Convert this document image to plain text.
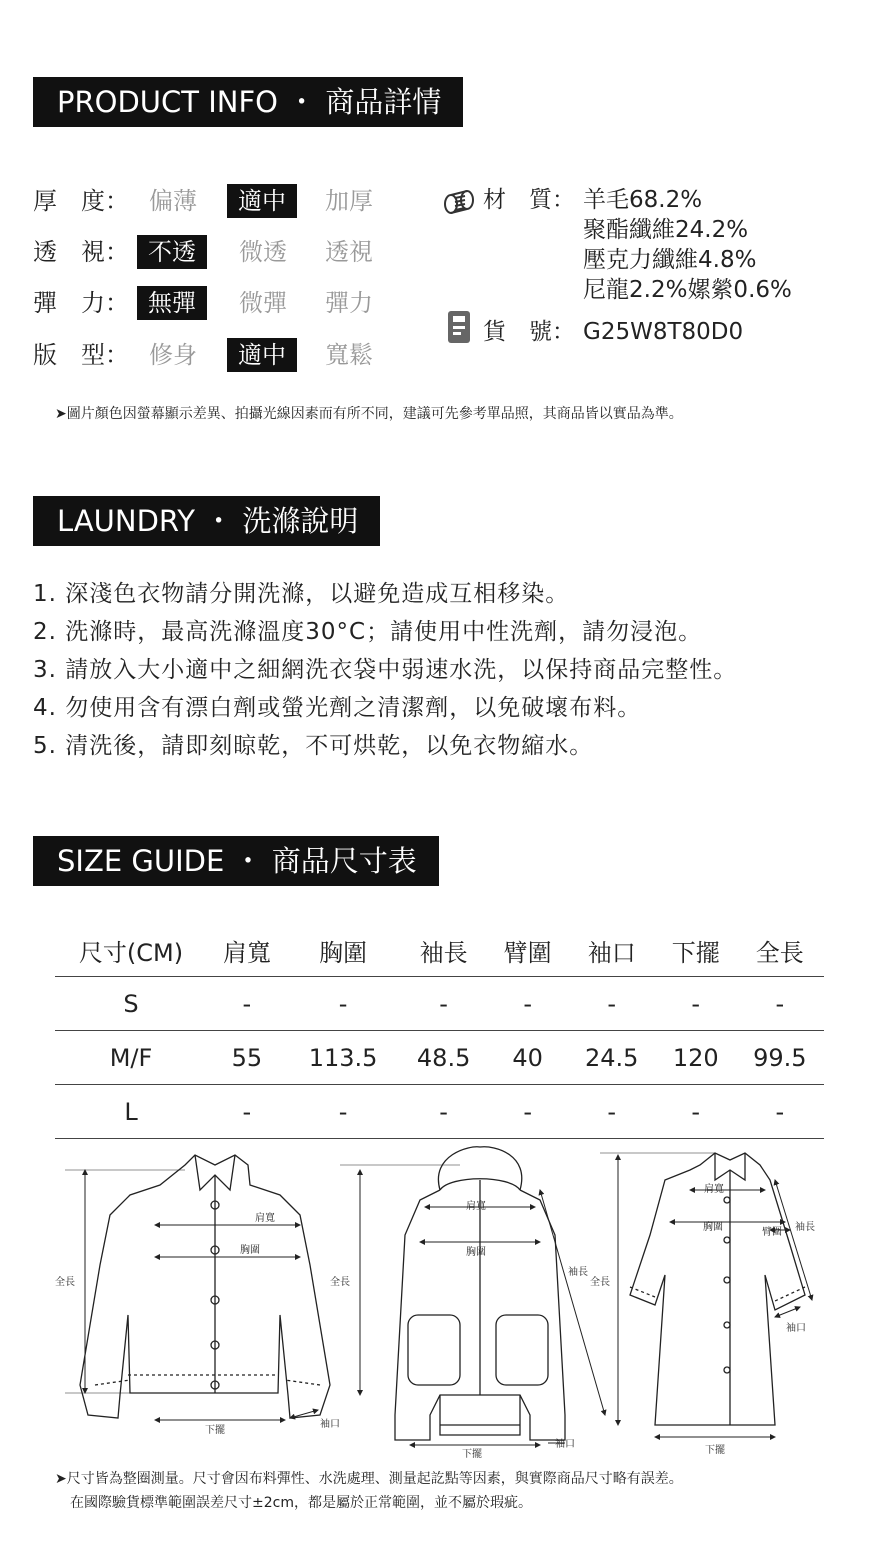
PRODUCT INFO ・ 商品詳情
厚　度： 偏薄	適中	加厚
透　視： 不透	微透	透視
彈　力： 無彈	微彈	彈力
版　型： 修身	適中	寬鬆
材　質： 羊毛68.2%
聚酯纖維24.2%
壓克力纖維4.8%
尼龍2.2%嫘縈0.6%
貨　號： G25W8T80D0
➤圖片顏色因螢幕顯示差異、拍攝光線因素而有所不同，建議可先參考單品照，其商品皆以實品為準。
LAUNDRY ・ 洗滌說明
1. 深淺色衣物請分開洗滌，以避免造成互相移染。
2. 洗滌時，最高洗滌溫度30°C；請使用中性洗劑，請勿浸泡。
3. 請放入大小適中之細網洗衣袋中弱速水洗，以保持商品完整性。
4. 勿使用含有漂白劑或螢光劑之清潔劑，以免破壞布料。
5. 清洗後，請即刻晾乾，不可烘乾，以免衣物縮水。
SIZE GUIDE ・ 商品尺寸表
尺寸(CM)	肩寬	胸圍	袖長	臂圍	袖口	下擺	全長
S	-	-	-	-	-	-	-
M/F	55	113.5	48.5	40	24.5	120	99.5
L	-	-	-	-	-	-	-
肩寬
胸圍
全長
下擺
袖口
肩寬
胸圍
全長
袖長
下擺
袖口
肩寬
胸圍	臂圍 袖長
全長
袖口
下擺
➤尺寸皆為整圈測量。尺寸會因布料彈性、水洗處理、測量起訖點等因素，與實際商品尺寸略有誤差。
在國際驗貨標準範圍誤差尺寸±2cm，都是屬於正常範圍，並不屬於瑕疵。
